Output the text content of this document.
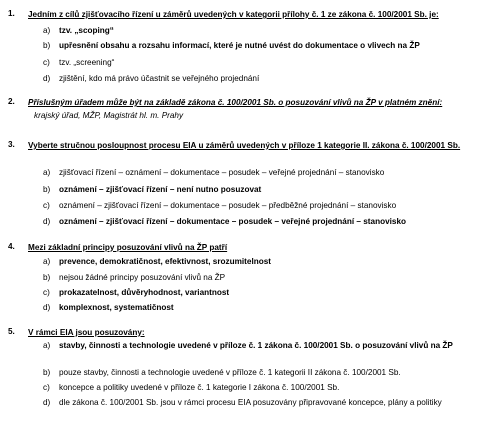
1. Jedním z cílů zjišťovacího řízení u záměrů uvedených v kategorii přílohy č. 1 ze zákona č. 100/2001 Sb. je:
a) tzv. „scoping“
b) upřesnění obsahu a rozsahu informací, které je nutné uvést do dokumentace o vlivech na ŽP
c) tzv. „screening“
d) zjištění, kdo má právo účastnit se veřejného projednání
2. Příslušným úřadem může být na základě zákona č. 100/2001 Sb. o posuzování vlivů na ŽP v platném znění:
krajský úřad, MŽP, Magistrát hl. m. Prahy
3. Vyberte stručnou posloupnost procesu EIA u záměrů uvedených v příloze 1 kategorie II. zákona č. 100/2001 Sb.
a) zjišťovací řízení – oznámení – dokumentace – posudek – veřejné projednání – stanovisko
b) oznámení – zjišťovací řízení – není nutno posuzovat
c) oznámení – zjišťovací řízení – dokumentace – posudek – předběžné projednání – stanovisko
d) oznámení – zjišťovací řízení – dokumentace – posudek – veřejné projednání – stanovisko
4. Mezi základní principy posuzování vlivů na ŽP patří
a) prevence, demokratičnost, efektivnost, srozumitelnost
b) nejsou žádné principy posuzování vlivů na ŽP
c) prokazatelnost, důvěryhodnost, variantnost
d) komplexnost, systematičnost
5. V rámci EIA jsou posuzovány:
a) stavby, činnosti a technologie uvedené v příloze č. 1 zákona č. 100/2001 Sb. o posuzování vlivů na ŽP
b) pouze stavby, činnosti a technologie uvedené v příloze č. 1 kategorii II zákona č. 100/2001 Sb.
c) koncepce a politiky uvedené v příloze č. 1 kategorie I zákona č. 100/2001 Sb.
d) dle zákona č. 100/2001 Sb. jsou v rámci procesu EIA posuzovány připravované koncepce, plány a politiky
